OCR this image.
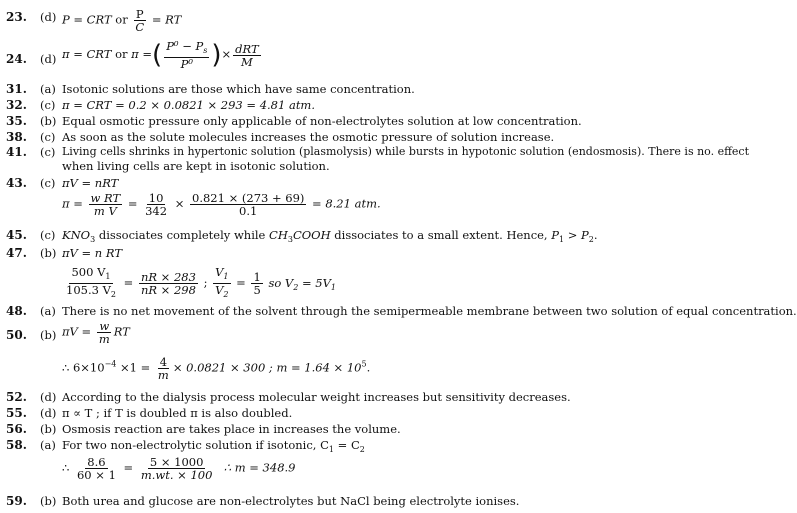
23. (d) P = CRT or $\frac{P}{C}$ = RT
24. (d) π = CRT or π =( $\frac{P^0 - P_s}{\text{P⁰}}$ )× $\frac{\text{dRT}}{M}$
31. (a) Isotonic solutions are those which have same concentration.
32. (c) π = CRT = 0.2 × 0.0821 × 293 = 4.81 atm.
35. (b) Equal osmotic pressure only applicable of non-electrolytes solution at low concentration.
38. (c) As soon as the solute molecules increases the osmotic pressure of solution increase.
41. (c) Living cells shrinks in hypertonic solution (plasmolysis) while bursts in hypotonic solution (endosmosis). There is no. effect
when living cells are kept in isotonic solution.
43. (c) πV = nRT
$\pi = \frac{\text{w RT}}{\text{m V}} = \frac{10}{342} \times \frac{0.821 \times (273 + 69)}{0.1} = 8.21$ atm.
45. (c) $KNO_3$ dissociates completely while $CH_3COOH$ dissociates to a small extent. Hence, $P_1 > P_2$.
47. (b) πV = n RT
$\frac{500 V_1}{105.3 V_2} = \frac{nR \times 283}{nR \times 298}$ ; $\frac{V_1}{V_2} = \frac{1}{5}$ so $V_2 = 5V_1$
48. (a) There is no net movement of the solvent through the semipermeable membrane between two solution of equal concentration.
50. (b) $\pi V = \frac{w}{m}$ RT
∴ $6\times 10^{-4} \times 1 = \frac{4}{m} \times 0.0821 \times 300$ ; $m = 1.64 \times 10^5$.
52. (d) According to the dialysis process molecular weight increases but sensitivity decreases.
55. (d) π ∝ T ; if T is doubled π is also doubled.
56. (b) Osmosis reaction are takes place in increases the volume.
58. (a) For two non-electrolytic solution if isotonic, $C_1 = C_2$
∴ $\frac{8.6}{60 \times 1} = \frac{5 \times 1000}{m.wt. \times 100}$ ∴ m = 348.9
59. (b) Both urea and glucose are non-electrolytes but NaCl being electrolyte ionises.
